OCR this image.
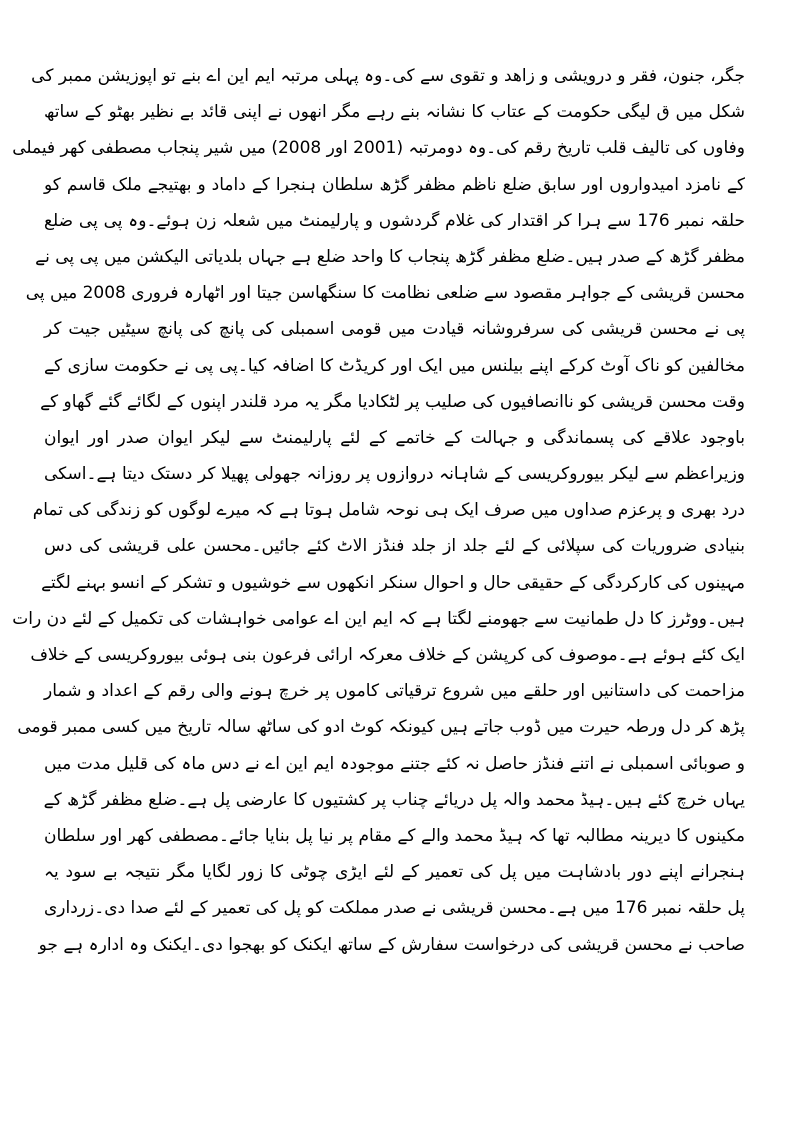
جگر، جنون، فقر و درویشی و زاهد و تقوی سے کی۔وہ پہلی مرتبہ ایم این اے بنے تو اپوزیشن ممبر کی

شکل میں ق لیگی حکومت کے عتاب کا نشانہ بنے رہے مگر انھوں نے اپنی قائد بے نظیر بھٹو کے ساتھ

وفاوں کی تالیف قلب تاریخ رقم کی۔وہ دومرتبہ (2001 اور 2008) میں شیر پنجاب مصطفی کھر فیملی

کے نامزد امیدواروں اور سابق ضلع ناظم مظفر گڑھ سلطان ہنجرا کے داماد و بھتیجے ملک قاسم کو

حلقہ نمبر 176 سے ہرا کر اقتدار کی غلام گردشوں و پارلیمنٹ میں شعلہ زن ہوئے۔وہ پی پی ضلع

مظفر گڑھ کے صدر ہیں۔ضلع مظفر گڑھ پنجاب کا واحد ضلع ہے جہاں بلدیاتی الیکشن میں پی پی نے

محسن قریشی کے جواہر مقصود سے ضلعی نظامت کا سنگھاسن جیتا اور اٹھارہ فروری 2008 میں پی

پی نے محسن قریشی کی سرفروشانہ قیادت میں قومی اسمبلی کی پانچ کی پانچ سیٹیں جیت کر

مخالفین کو ناک آوٹ کرکے اپنے بیلنس میں ایک اور کریڈٹ کا اضافہ کیا۔پی پی نے حکومت سازی کے

وقت محسن قریشی کو ناانصافیوں کی صلیب پر لٹکادیا مگر یہ مرد قلندر اپنوں کے لگائے گئے گھاو کے

باوجود علاقے کی پسماندگی و جہالت کے خاتمے کے لئے پارلیمنٹ سے لیکر ایوان صدر اور ایوان

وزیراعظم سے لیکر بیوروکریسی کے شاہانہ دروازوں پر روزانہ جھولی پھیلا کر دستک دیتا ہے۔اسکی

درد بھری و پرعزم صداوں میں صرف ایک ہی نوحہ شامل ہوتا ہے کہ میرے لوگوں کو زندگی کی تمام

بنیادی ضروریات کی سپلائی کے لئے جلد از جلد فنڈز الاٹ کئے جائیں۔محسن علی قریشی کی دس

مہینوں کی کارکردگی کے حقیقی حال و احوال سنکر انکھوں سے خوشیوں و تشکر کے انسو بہنے لگتے

ہیں۔ووٹرز کا دل طمانیت سے جھومنے لگتا ہے کہ ایم این اے عوامی خواہشات کی تکمیل کے لئے دن رات

ایک کئے ہوئے ہے۔موصوف کی کرپشن کے خلاف معرکہ ارائی فرعون بنی ہوئی بیوروکریسی کے خلاف

مزاحمت کی داستانیں اور حلقے میں شروع ترقیاتی کاموں پر خرچ ہونے والی رقم کے اعداد و شمار

پڑھ کر دل ورطہ حیرت میں ڈوب جاتے ہیں کیونکہ کوٹ ادو کی ساٹھ سالہ تاریخ میں کسی ممبر قومی

و صوبائی اسمبلی نے اتنے فنڈز حاصل نہ کئے جتنے موجودہ ایم این اے نے دس ماہ کی قلیل مدت میں

یہاں خرچ کئے ہیں۔ہیڈ محمد والہ پل دریائے چناب پر کشتیوں کا عارضی پل ہے۔ضلع مظفر گڑھ کے

مکینوں کا دیرینہ مطالبہ تھا کہ ہیڈ محمد والے کے مقام پر نیا پل بنایا جائے۔مصطفی کھر اور سلطان

ہنجرانے اپنے دور بادشاہت میں پل کی تعمیر کے لئے ایڑی چوٹی کا زور لگایا مگر نتیجہ بے سود یہ

پل حلقہ نمبر 176 میں ہے۔محسن قریشی نے صدر مملکت کو پل کی تعمیر کے لئے صدا دی۔زرداری

صاحب نے محسن قریشی کی درخواست سفارش کے ساتھ ایکنک کو بھجوا دی۔ایکنک وہ ادارہ ہے جو
